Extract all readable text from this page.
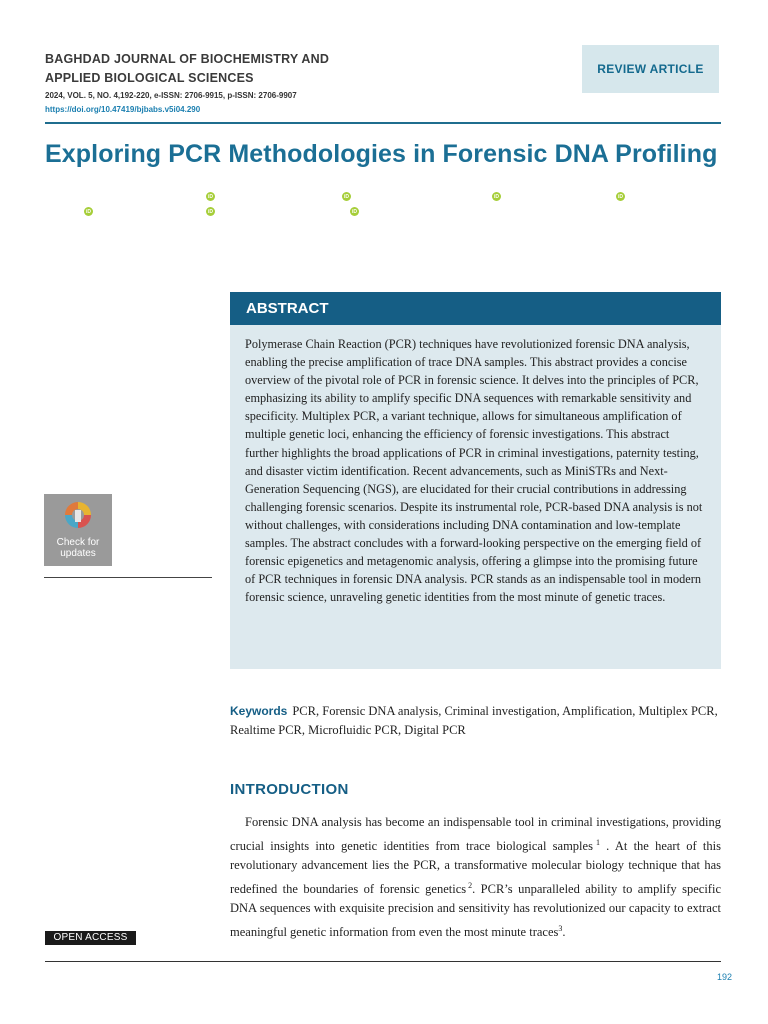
BAGHDAD JOURNAL OF BIOCHEMISTRY AND APPLIED BIOLOGICAL SCIENCES
2024, VOL. 5, NO. 4,192-220, e-ISSN: 2706-9915, p-ISSN: 2706-9907
https://doi.org/10.47419/bjbabs.v5i04.290
REVIEW ARTICLE
Exploring PCR Methodologies in Forensic DNA Profiling
iD	iD	iD	iD
iD	iD	iD
ABSTRACT
Polymerase Chain Reaction (PCR) techniques have revolutionized forensic DNA analysis, enabling the precise amplification of trace DNA samples. This abstract provides a concise overview of the pivotal role of PCR in forensic science. It delves into the principles of PCR, emphasizing its ability to amplify specific DNA sequences with remarkable sensitivity and specificity. Multiplex PCR, a variant technique, allows for simultaneous amplification of multiple genetic loci, enhancing the efficiency of forensic investigations. This abstract further highlights the broad applications of PCR in criminal investigations, paternity testing, and disaster victim identification. Recent advancements, such as MiniSTRs and Next-Generation Sequencing (NGS), are elucidated for their crucial contributions in addressing challenging forensic scenarios. Despite its instrumental role, PCR-based DNA analysis is not without challenges, with considerations including DNA contamination and low-template samples. The abstract concludes with a forward-looking perspective on the emerging field of forensic epigenetics and metagenomic analysis, offering a glimpse into the promising future of PCR techniques in forensic DNA analysis. PCR stands as an indispensable tool in modern forensic science, unraveling genetic identities from the most minute of genetic traces.
Check for
updates
Keywords PCR, Forensic DNA analysis, Criminal investigation, Amplification, Multiplex PCR, Realtime PCR, Microfluidic PCR, Digital PCR
INTRODUCTION
Forensic DNA analysis has become an indispensable tool in criminal investigations, providing crucial insights into genetic identities from trace biological samples $^1$ . At the heart of this revolutionary advancement lies the PCR, a transformative molecular biology technique that has redefined the boundaries of forensic genetics $^2$. PCR’s unparalleled ability to amplify specific DNA sequences with exquisite precision and sensitivity has revolutionized our capacity to extract meaningful genetic information from even the most minute traces$^3$.
OPEN ACCESS
192
